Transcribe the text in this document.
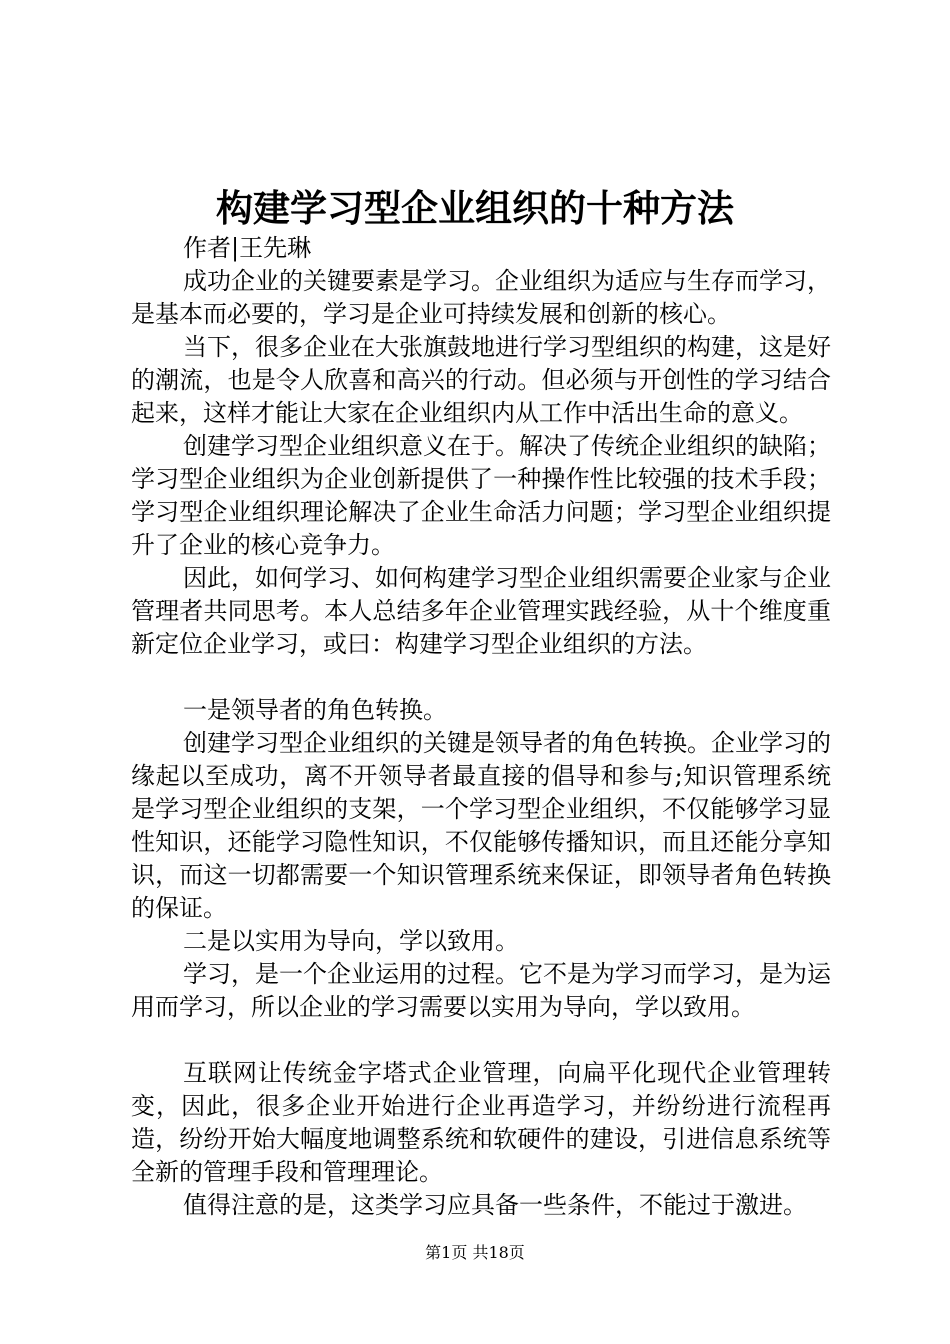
构建学习型企业组织的十种方法

作者|王先琳

成功企业的关键要素是学习。企业组织为适应与生存而学习，是基本而必要的，学习是企业可持续发展和创新的核心。

当下，很多企业在大张旗鼓地进行学习型组织的构建，这是好的潮流，也是令人欣喜和高兴的行动。但必须与开创性的学习结合起来，这样才能让大家在企业组织内从工作中活出生命的意义。

创建学习型企业组织意义在于。解决了传统企业组织的缺陷；学习型企业组织为企业创新提供了一种操作性比较强的技术手段；学习型企业组织理论解决了企业生命活力问题；学习型企业组织提升了企业的核心竞争力。

因此，如何学习、如何构建学习型企业组织需要企业家与企业管理者共同思考。本人总结多年企业管理实践经验，从十个维度重新定位企业学习，或曰：构建学习型企业组织的方法。

一是领导者的角色转换。

创建学习型企业组织的关键是领导者的角色转换。企业学习的缘起以至成功，离不开领导者最直接的倡导和参与;知识管理系统是学习型企业组织的支架，一个学习型企业组织，不仅能够学习显性知识，还能学习隐性知识，不仅能够传播知识，而且还能分享知识，而这一切都需要一个知识管理系统来保证，即领导者角色转换的保证。

二是以实用为导向，学以致用。

学习，是一个企业运用的过程。它不是为学习而学习，是为运用而学习，所以企业的学习需要以实用为导向，学以致用。

互联网让传统金字塔式企业管理，向扁平化现代企业管理转变，因此，很多企业开始进行企业再造学习，并纷纷进行流程再造，纷纷开始大幅度地调整系统和软硬件的建设，引进信息系统等全新的管理手段和管理理论。

值得注意的是，这类学习应具备一些条件，不能过于激进。

第1页 共18页
